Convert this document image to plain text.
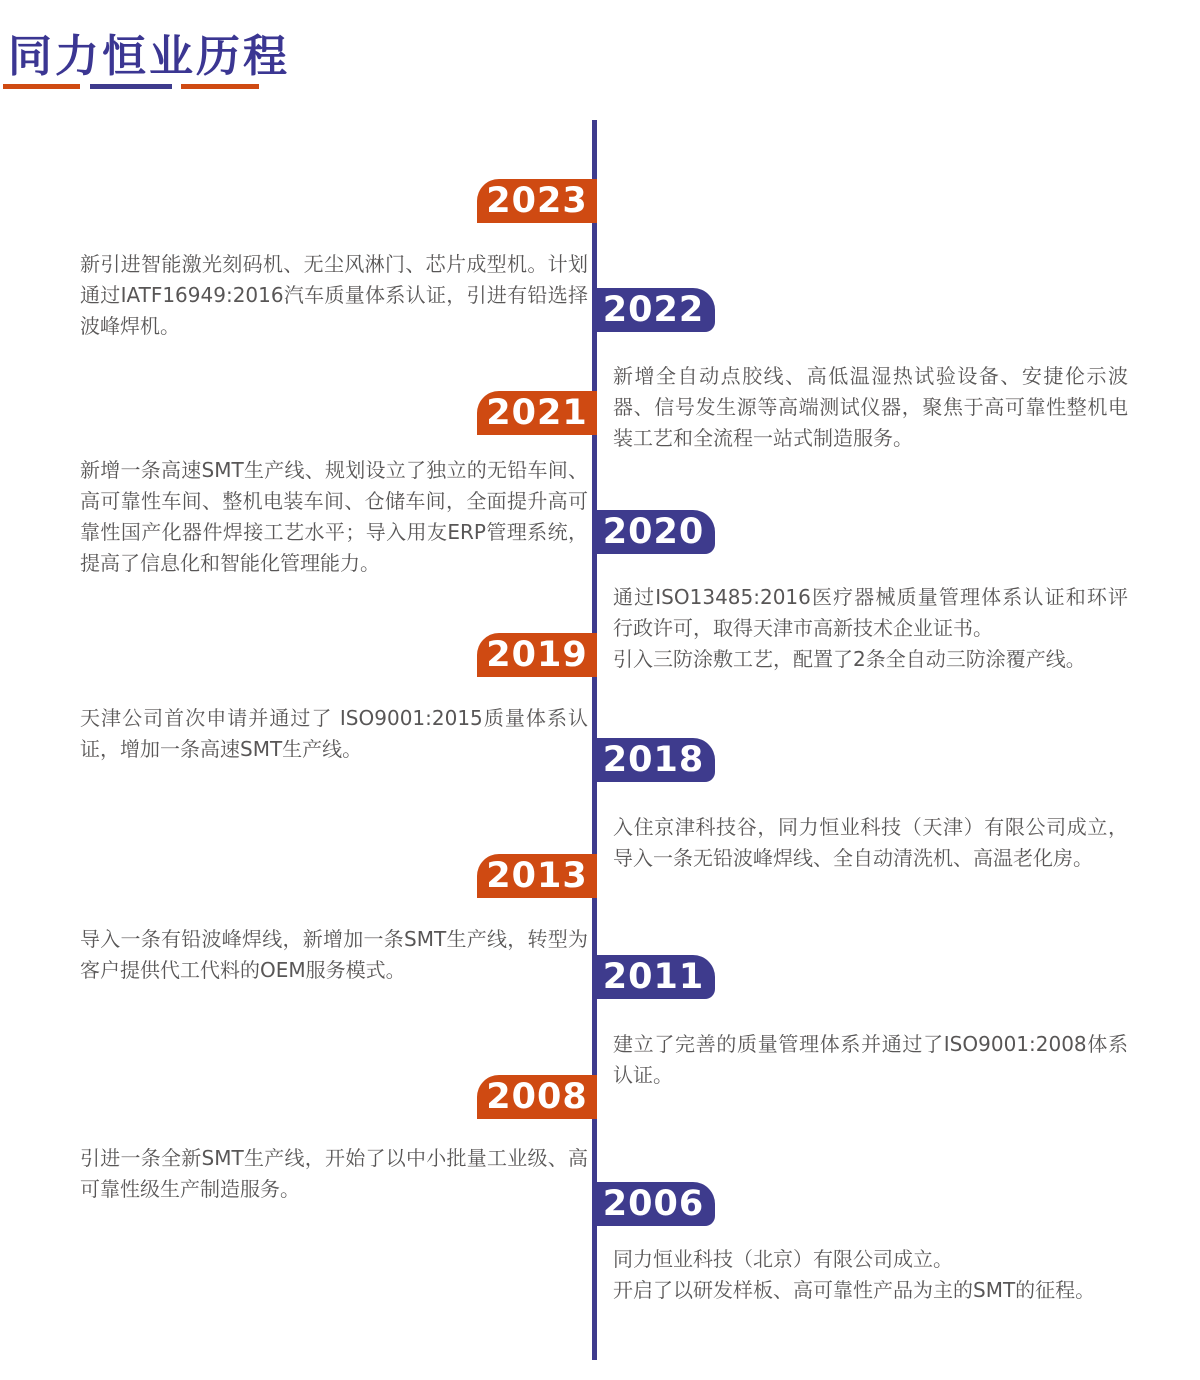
同力恒业历程
2023
新引进智能激光刻码机、无尘风淋门、芯片成型机。计划通过IATF16949:2016汽车质量体系认证，引进有铅选择波峰焊机。	2022
新增全自动点胶线、高低温湿热试验设备、安捷伦示波器、信号发生源等高端测试仪器，聚焦于高可靠性整机电装工艺和全流程一站式制造服务。
2021
新增一条高速SMT生产线、规划设立了独立的无铅车间、高可靠性车间、整机电装车间、仓储车间，全面提升高可靠性国产化器件焊接工艺水平；导入用友ERP管理系统，提高了信息化和智能化管理能力。
2020
通过ISO13485:2016医疗器械质量管理体系认证和环评行政许可，取得天津市高新技术企业证书。
引入三防涂敷工艺，配置了2条全自动三防涂覆产线。
2019
天津公司首次申请并通过了 ISO9001:2015质量体系认证，增加一条高速SMT生产线。	2018
入住京津科技谷，同力恒业科技（天津）有限公司成立，导入一条无铅波峰焊线、全自动清洗机、高温老化房。
2013
导入一条有铅波峰焊线，新增加一条SMT生产线，转型为客户提供代工代料的OEM服务模式。	2011
建立了完善的质量管理体系并通过了ISO9001:2008体系认证。
2008
引进一条全新SMT生产线，开始了以中小批量工业级、高可靠性级生产制造服务。	2006
同力恒业科技（北京）有限公司成立。
开启了以研发样板、高可靠性产品为主的SMT的征程。
